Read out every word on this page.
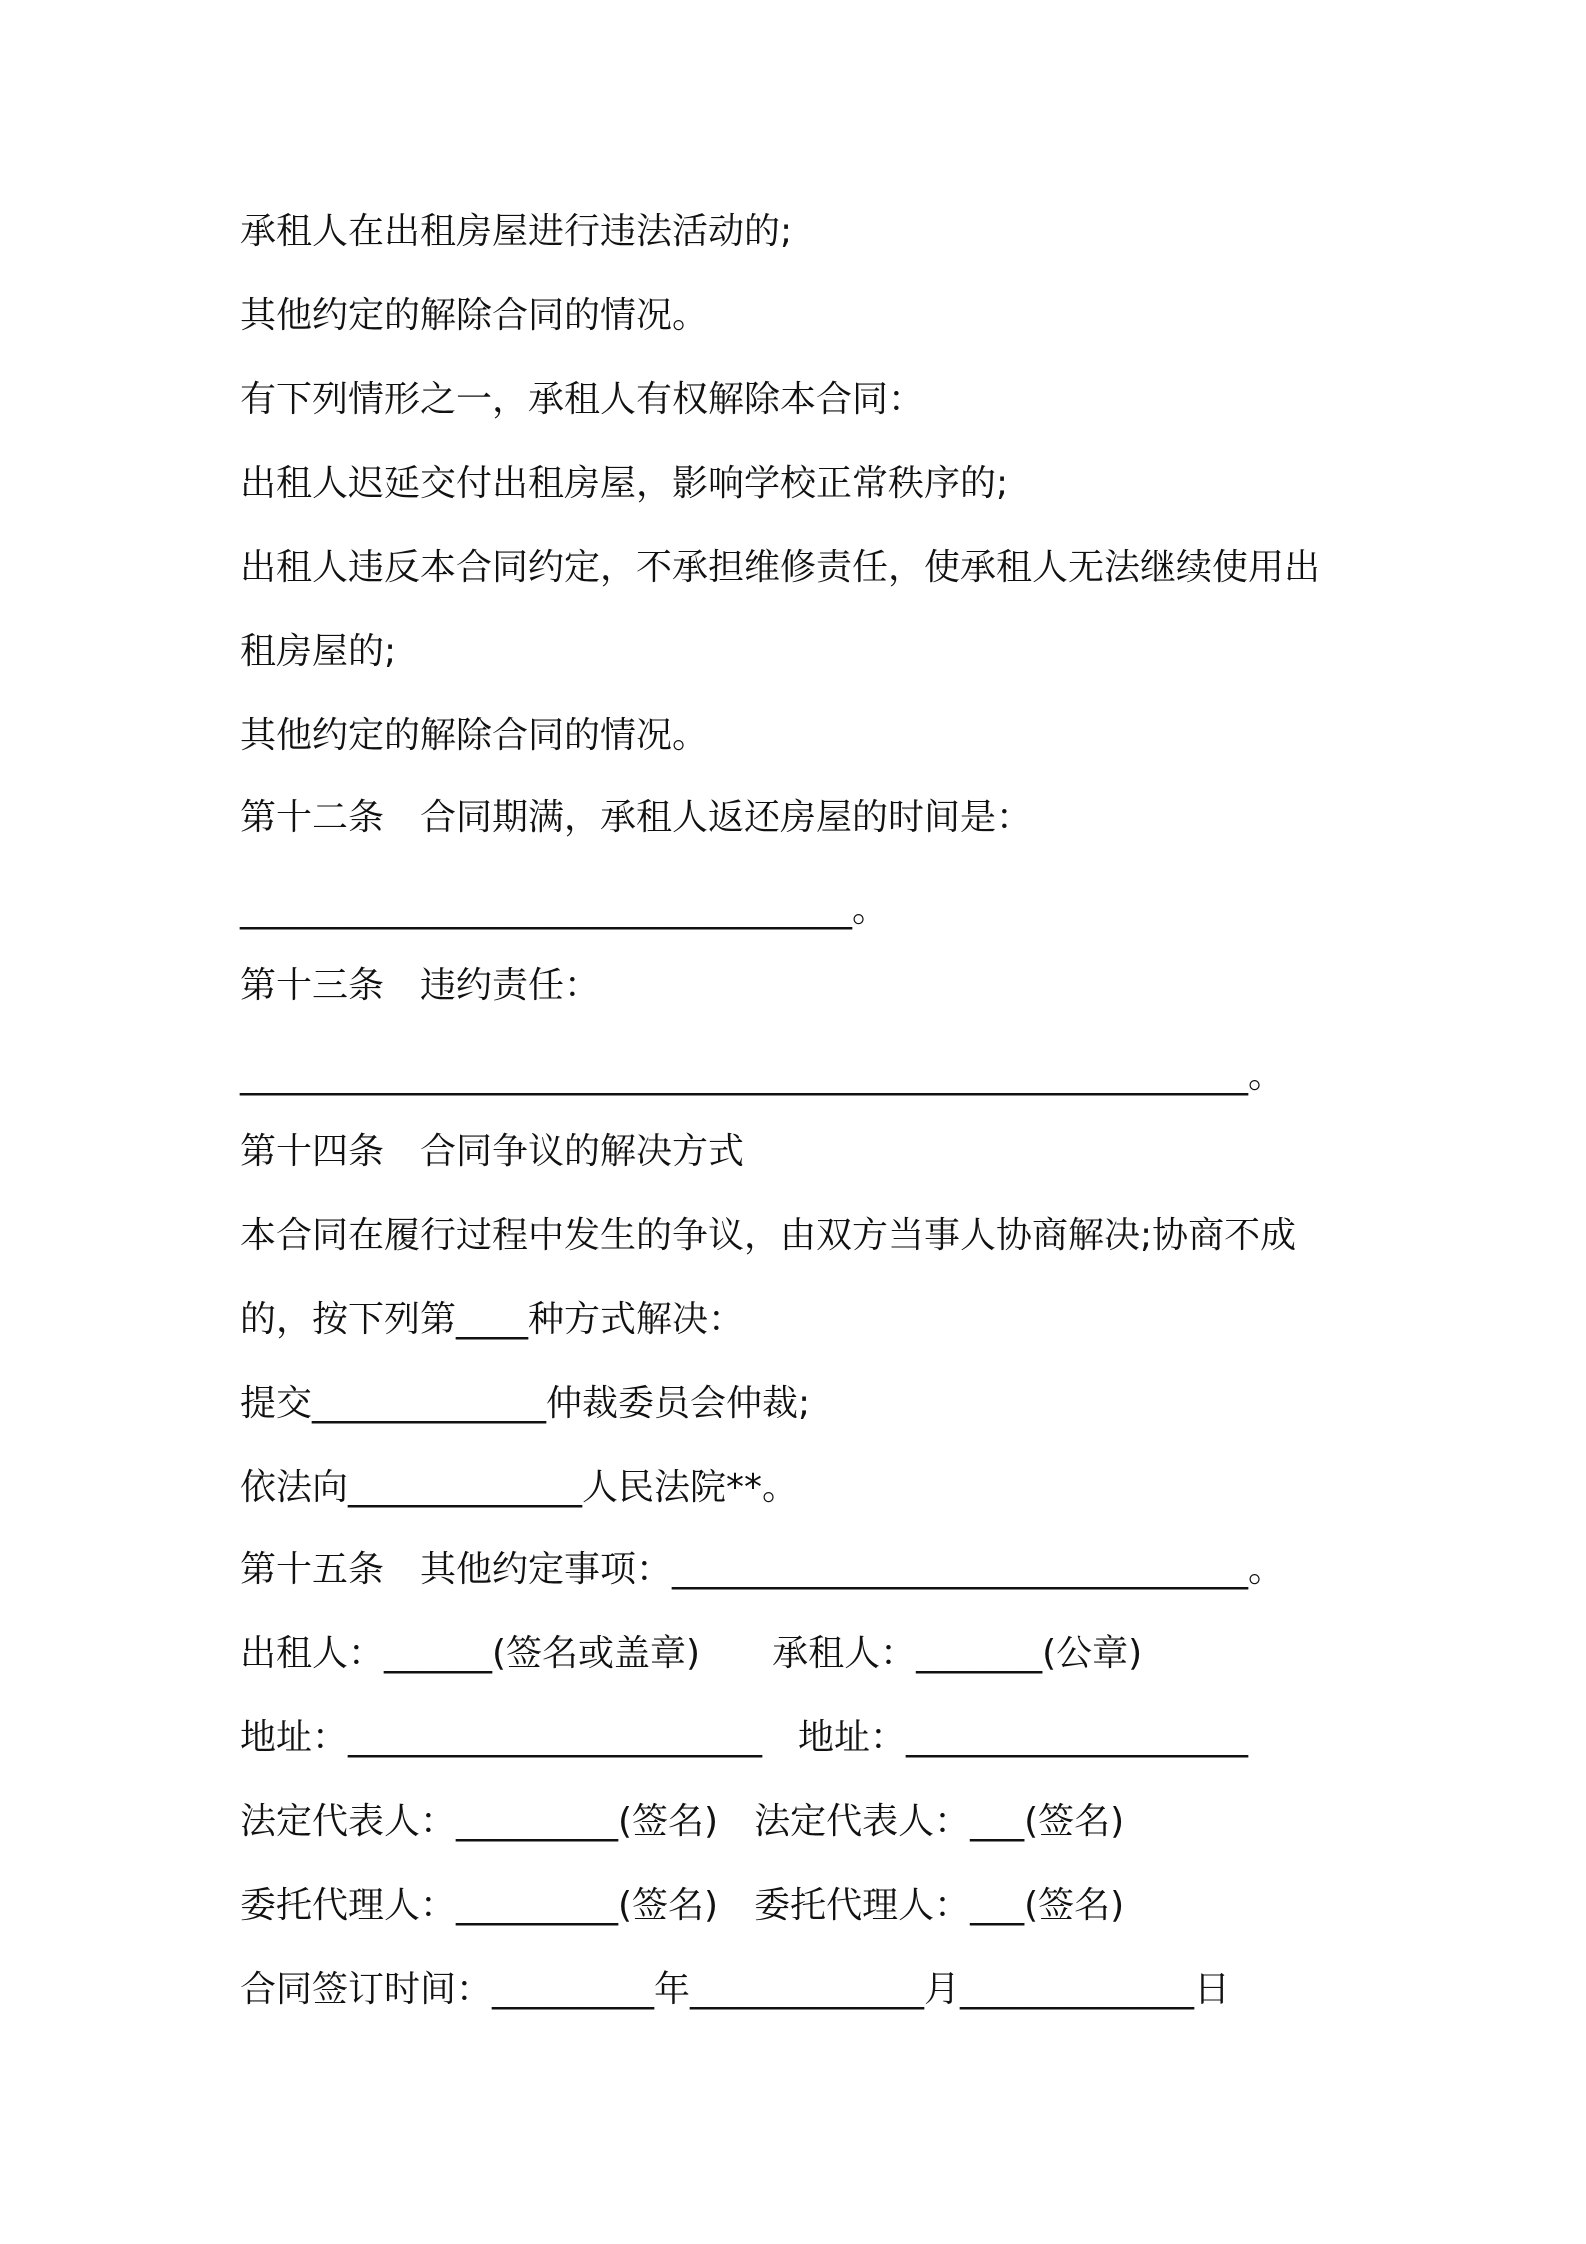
承租人在出租房屋进行违法活动的;

其他约定的解除合同的情况。

有下列情形之一，承租人有权解除本合同：

出租人迟延交付出租房屋，影响学校正常秩序的;

出租人违反本合同约定，不承担维修责任，使承租人无法继续使用出

租房屋的;

其他约定的解除合同的情况。

第十二条　合同期满，承租人返还房屋的时间是：

__________________________________。

第十三条　违约责任：

________________________________________________________。

第十四条　合同争议的解决方式

本合同在履行过程中发生的争议，由双方当事人协商解决;协商不成

的，按下列第____种方式解决：

提交_____________仲裁委员会仲裁;

依法向_____________人民法院**。

第十五条　其他约定事项：________________________________。

出租人：______(签名或盖章)　　承租人：_______(公章)

地址：_______________________　地址：___________________

法定代表人：_________(签名)　法定代表人：___(签名)

委托代理人：_________(签名)　委托代理人：___(签名)

合同签订时间：_________年_____________月_____________日
